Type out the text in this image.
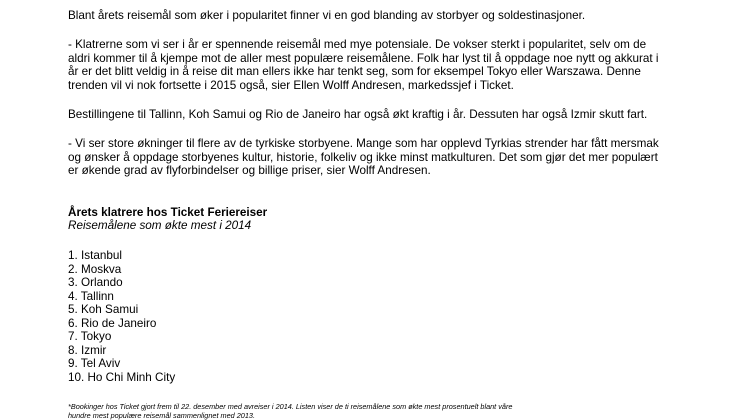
Blant årets reisemål som øker i popularitet finner vi en god blanding av storbyer og soldestinasjoner.

- Klatrerne som vi ser i år er spennende reisemål med mye potensiale. De vokser sterkt i popularitet, selv om de
aldri kommer til å kjempe mot de aller mest populære reisemålene. Folk har lyst til å oppdage noe nytt og akkurat i
år er det blitt veldig in å reise dit man ellers ikke har tenkt seg, som for eksempel Tokyo eller Warszawa. Denne
trenden vil vi nok fortsette i 2015 også, sier Ellen Wolff Andresen, markedssjef i Ticket.

Bestillingene til Tallinn, Koh Samui og Rio de Janeiro har også økt kraftig i år. Dessuten har også Izmir skutt fart.

- Vi ser store økninger til flere av de tyrkiske storbyene. Mange som har opplevd Tyrkias strender har fått mersmak
og ønsker å oppdage storbyenes kultur, historie, folkeliv og ikke minst matkulturen. Det som gjør det mer populært
er økende grad av flyforbindelser og billige priser, sier Wolff Andresen.

Årets klatrere hos Ticket Feriereiser

Reisemålene som økte mest i 2014

1. Istanbul
2. Moskva
3. Orlando
4. Tallinn
5. Koh Samui
6. Rio de Janeiro
7. Tokyo
8. Izmir
9. Tel Aviv
10. Ho Chi Minh City

*Bookinger hos Ticket gjort frem til 22. desember med avreiser i 2014. Listen viser de ti reisemålene som økte mest prosentuelt blant våre
hundre mest populære reisemål sammenlignet med 2013.
